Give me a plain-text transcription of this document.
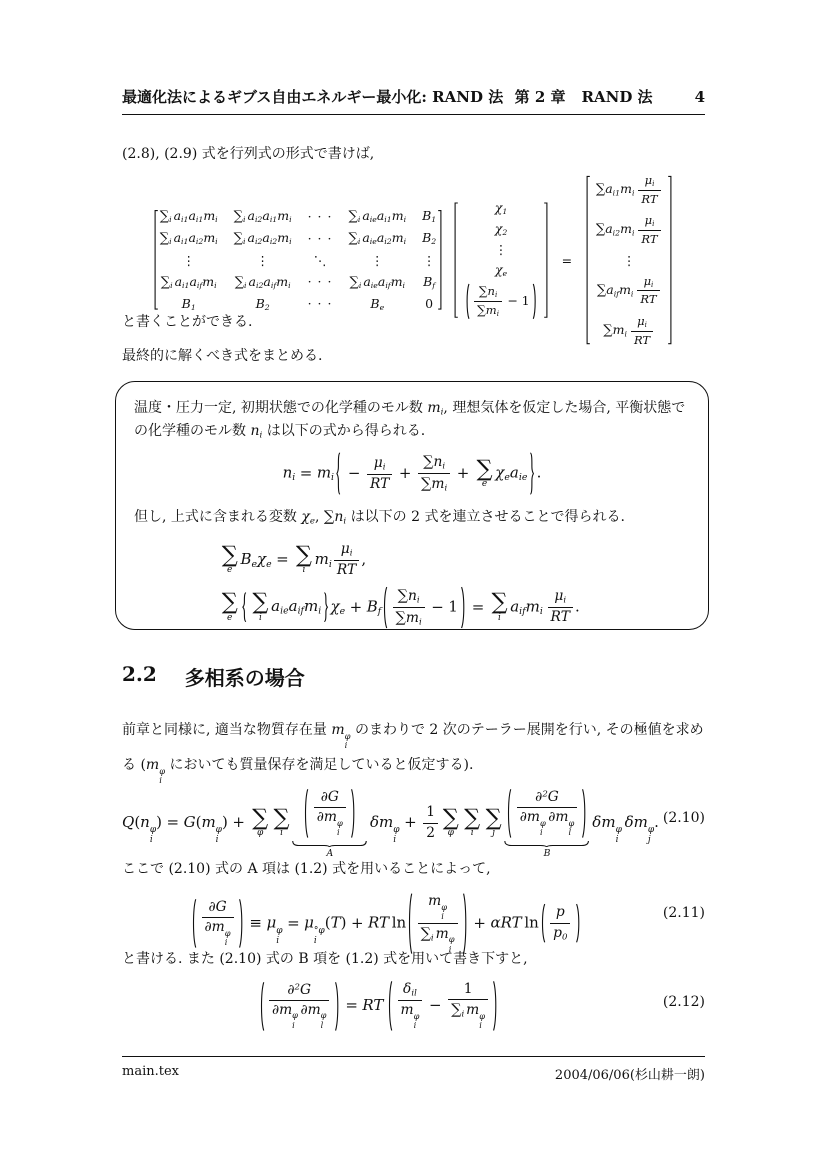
最適化法によるギブス自由エネルギー最小化: RAND 法 第 2 章 RAND 法	4
(2.8), (2.9) 式を行列式の形式で書けば,
∑i ai1ai1mi ∑i ai2ai1mi · · · ∑i aieai1mi B1
∑i ai1ai2mi ∑i ai2ai2mi · · · ∑i aieai2mi B2
⋮	⋮	⋱	⋮	⋮
∑i ai1aifmi ∑i ai2aifmi · · · ∑i aieaifmi Bf
B1	B2	· · ·	Be	0
χ1
χ2
⋮
χe
$\frac{\sum ni}{\sum mi} - 1$
=
$\sum ai1mi \frac{\mu i}{RT}$
$\sum ai2mi \frac{\mu i}{RT}$
⋮
∑aifmi $\frac{\mu i}{RT}$
$\sum mi \frac{\mu i}{RT}$
と書くことができる.
最終的に解くべき式をまとめる.
温度・圧力一定, 初期状態での化学種のモル数 mi, 理想気体を仮定した場合, 平衡状態での化学種のモル数 ni は以下の式から得られる.
ni = mi − $\frac{\mu i}{RT} + \frac{\sum ni}{\sum mi}$ + ∑
e
χeaie .
但し, 上式に含まれる変数 χe, ∑ni は以下の 2 式を連立させることで得られる.
∑
e
Beχe = ∑
i
mi $\frac{\mu i}{RT}$ ,
∑
e
∑
i
aieaifmi χe + Bf $\frac{\sum ni}{\sum mi} - 1$ = ∑
i
aifmi $\frac{\mu i}{RT}$ .
2.2 多相系の場合
前章と同様に, 適当な物質存在量 m φ
i
のまわりで 2 次のテーラー展開を行い, その極値を求める (m φ
i
においても質量保存を満足していると仮定する).
Q(n φ
i
) = G(m φ
i
) + ∑
φ
∑
i
∂G
∂m φ
i
A
δm φ
i
+ $\frac{1}{2}$ ∑
φ
∑
i
∑
j
∂$^2$G
∂m φ
i
∂m φ
l
B
δm φ
i
δm φ
j
. (2.10)
ここで (2.10) 式の A 項は (1.2) 式を用いることによって,
∂G
∂m φ
i
≡ μ φ
i
= μ °φ
i
(T) + RT ln
m φ
i
∑i m φ
i
+ αRT $\ln \frac{p}{p0}$	(2.11)
と書ける. また (2.10) 式の B 項を (1.2) 式を用いて書き下すと,
∂$^2$G
∂m φ
i
∂m φ
l
= RT
δil
m φ
i
−
1
∑i m φ
i
(2.12)
main.tex	2004/06/06(杉山耕一朗)
